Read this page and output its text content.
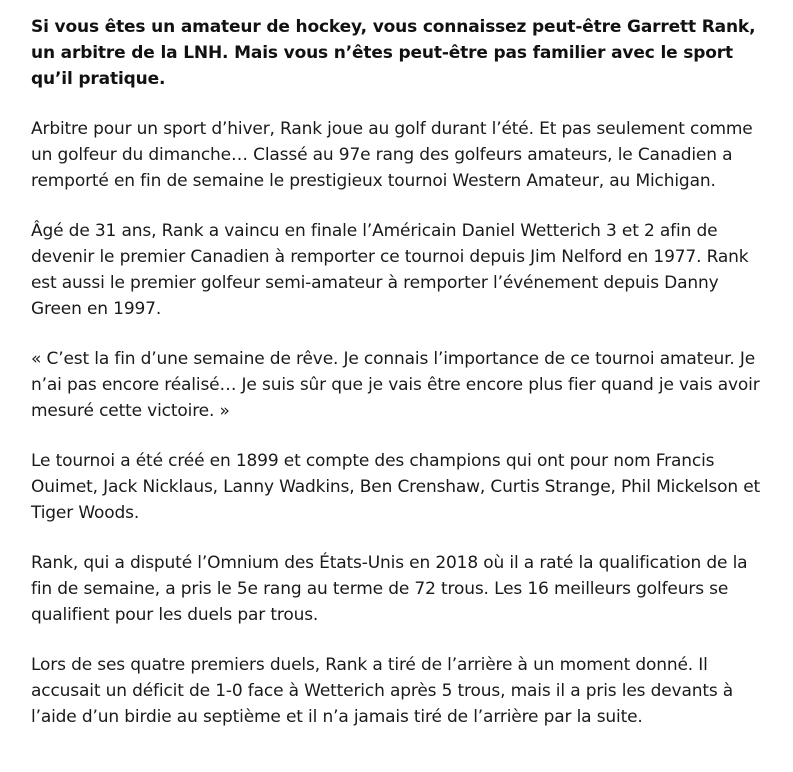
Si vous êtes un amateur de hockey, vous connaissez peut-être Garrett Rank, un arbitre de la LNH. Mais vous n’êtes peut-être pas familier avec le sport qu’il pratique.

Arbitre pour un sport d’hiver, Rank joue au golf durant l’été. Et pas seulement comme un golfeur du dimanche… Classé au 97e rang des golfeurs amateurs, le Canadien a remporté en fin de semaine le prestigieux tournoi Western Amateur, au Michigan.

Âgé de 31 ans, Rank a vaincu en finale l’Américain Daniel Wetterich 3 et 2 afin de devenir le premier Canadien à remporter ce tournoi depuis Jim Nelford en 1977. Rank est aussi le premier golfeur semi-amateur à remporter l’événement depuis Danny Green en 1997.

« C’est la fin d’une semaine de rêve. Je connais l’importance de ce tournoi amateur. Je n’ai pas encore réalisé… Je suis sûr que je vais être encore plus fier quand je vais avoir mesuré cette victoire. »

Le tournoi a été créé en 1899 et compte des champions qui ont pour nom Francis Ouimet, Jack Nicklaus, Lanny Wadkins, Ben Crenshaw, Curtis Strange, Phil Mickelson et Tiger Woods.

Rank, qui a disputé l’Omnium des États-Unis en 2018 où il a raté la qualification de la fin de semaine, a pris le 5e rang au terme de 72 trous. Les 16 meilleurs golfeurs se qualifient pour les duels par trous.

Lors de ses quatre premiers duels, Rank a tiré de l’arrière à un moment donné. Il accusait un déficit de 1-0 face à Wetterich après 5 trous, mais il a pris les devants à l’aide d’un birdie au septième et il n’a jamais tiré de l’arrière par la suite.
